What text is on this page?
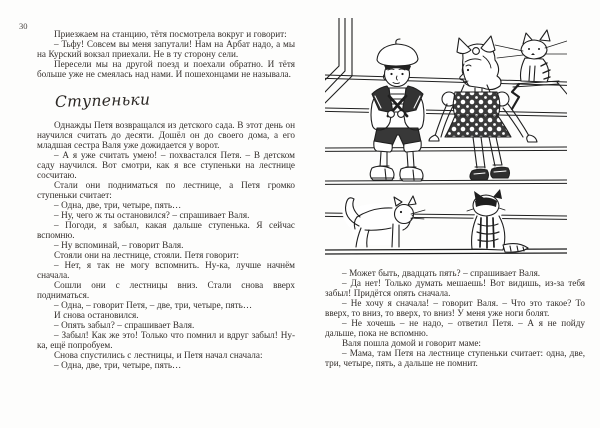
30

Приезжаем на станцию, тётя посмотрела вокруг и говорит:

– Тьфу! Совсем вы меня запутали! Нам на Арбат надо, а мы на Курский вокзал приехали. Не в ту сторону сели.

Пересели мы на другой поезд и поехали обратно. И тётя больше уже не смеялась над нами. И пошехонцами не называла.

Ступеньки

Однажды Петя возвращался из детского сада. В этот день он научился считать до десяти. Дошёл он до своего дома, а его младшая сестра Валя уже дожидается у ворот.

– А я уже считать умею! – похвастался Петя. – В детском саду научился. Вот смотри, как я все ступеньки на лестнице сосчитаю.

Стали они подниматься по лестнице, а Петя громко ступеньки считает:

– Одна, две, три, четыре, пять…

– Ну, чего ж ты остановился? – спрашивает Валя.

– Погоди, я забыл, какая дальше ступенька. Я сейчас вспомню.

– Ну вспоминай, – говорит Валя.

Стояли они на лестнице, стояли. Петя говорит:

– Нет, я так не могу вспомнить. Ну-ка, лучше начнём сначала.

Сошли они с лестницы вниз. Стали снова вверх подниматься.

– Одна, – говорит Петя, – две, три, четыре, пять…

И снова остановился.

– Опять забыл? – спрашивает Валя.

– Забыл! Как же это! Только что помнил и вдруг забыл! Ну-ка, ещё попробуем.

Снова спустились с лестницы, и Петя начал сначала:

– Одна, две, три, четыре, пять…

– Может быть, двадцать пять? – спрашивает Валя.

– Да нет! Только думать мешаешь! Вот видишь, из-за тебя забыл! Придётся опять сначала.

– Не хочу я сначала! – говорит Валя. – Что это такое? То вверх, то вниз, то вверх, то вниз! У меня уже ноги болят.

– Не хочешь – не надо, – ответил Петя. – А я не пойду дальше, пока не вспомню.

Валя пошла домой и говорит маме:

– Мама, там Петя на лестнице ступеньки считает: одна, две, три, четыре, пять, а дальше не помнит.
